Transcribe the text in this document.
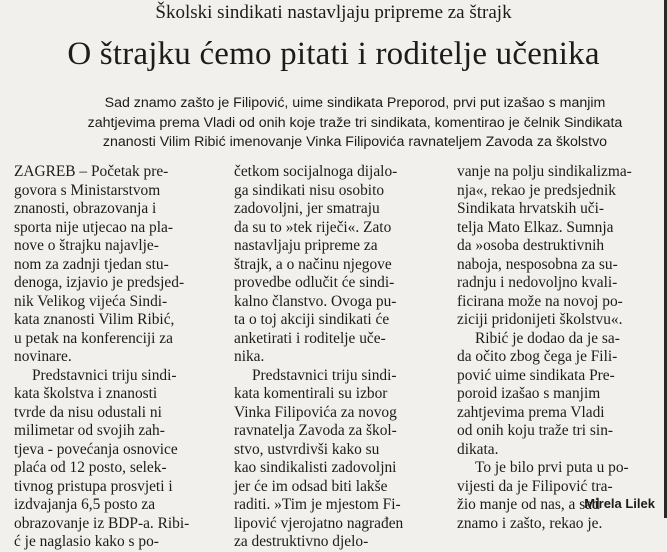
Školski sindikati nastavljaju pripreme za štrajk
O štrajku ćemo pitati i roditelje učenika
Sad znamo zašto je Filipović, uime sindikata Preporod, prvi put izašao s manjim
zahtjevima prema Vladi od onih koje traže tri sindikata, komentirao je čelnik Sindikata
znanosti Vilim Ribić imenovanje Vinka Filipovića ravnateljem Zavoda za školstvo
ZAGREB – Početak pre-
govora s Ministarstvom
znanosti, obrazovanja i
sporta nije utjecao na pla-
nove o štrajku najavlje-
nom za zadnji tjedan stu-
denoga, izjavio je predsjed-
nik Velikog vijeća Sindi-
kata znanosti Vilim Ribić,
u petak na konferenciji za
novinare.
Predstavnici triju sindi-
kata školstva i znanosti
tvrde da nisu odustali ni
milimetar od svojih zah-
tjeva - povećanja osnovice
plaća od 12 posto, selek-
tivnog pristupa prosvjeti i
izdvajanja 6,5 posto za
obrazovanje iz BDP-a. Ribi-
ć je naglasio kako s po-
četkom socijalnoga dijalo-
ga sindikati nisu osobito
zadovoljni, jer smatraju
da su to »tek riječi«. Zato
nastavljaju pripreme za
štrajk, a o načinu njegove
provedbe odlučit će sindi-
kalno članstvo. Ovoga pu-
ta o toj akciji sindikati će
anketirati i roditelje uče-
nika.
Predstavnici triju sindi-
kata komentirali su izbor
Vinka Filipovića za novog
ravnatelja Zavoda za škol-
stvo, ustvrdivši kako su
kao sindikalisti zadovoljni
jer će im odsad biti lakše
raditi. »Tim je mjestom Fi-
lipović vjerojatno nagrađen
za destruktivno djelo-
vanje na polju sindikalizma-
nja«, rekao je predsjednik
Sindikata hrvatskih uči-
telja Mato Elkaz. Sumnja
da »osoba destruktivnih
naboja, nesposobna za su-
radnju i nedovoljno kvali-
ficirana može na novoj po-
ziciji pridonijeti školstvu«.
Ribić je dodao da je sa-
da očito zbog čega je Fili-
pović uime sindikata Pre-
poroid izašao s manjim
zahtjevima prema Vladi
od onih koju traže tri sin-
dikata.
To je bilo prvi puta u po-
vijesti da je Filipović tra-
žio manje od nas, a sad
znamo i zašto, rekao je.
Mirela Lilek
